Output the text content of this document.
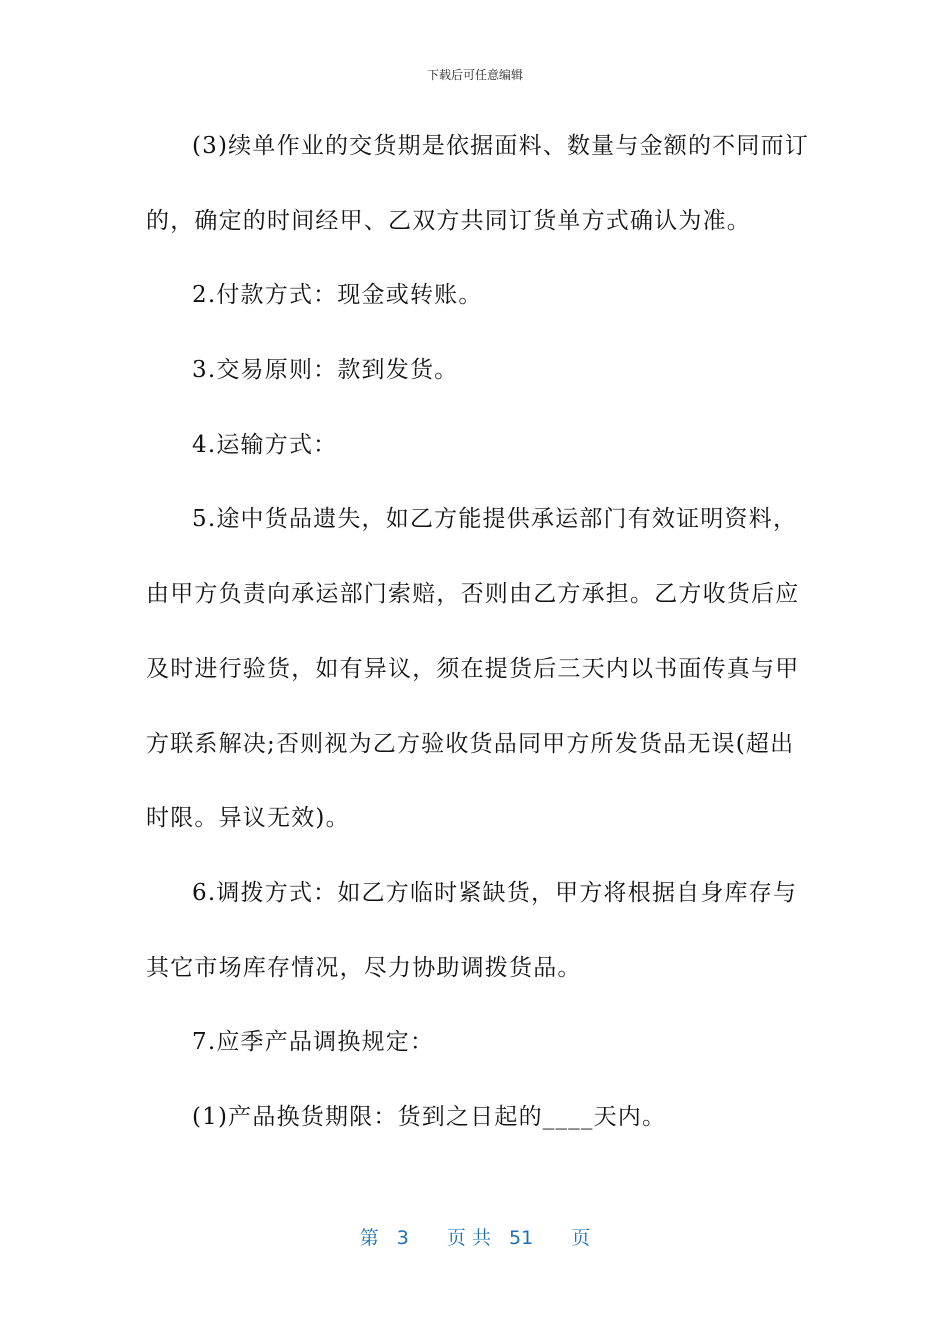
下载后可任意编辑
(3)续单作业的交货期是依据面料、数量与金额的不同而订
的，确定的时间经甲、乙双方共同订货单方式确认为准。
2.付款方式：现金或转账。
3.交易原则：款到发货。
4.运输方式：
5.途中货品遗失，如乙方能提供承运部门有效证明资料，
由甲方负责向承运部门索赔，否则由乙方承担。乙方收货后应
及时进行验货，如有异议，须在提货后三天内以书面传真与甲
方联系解决;否则视为乙方验收货品同甲方所发货品无误(超出
时限。异议无效)。
6.调拨方式：如乙方临时紧缺货，甲方将根据自身库存与
其它市场库存情况，尽力协助调拨货品。
7.应季产品调换规定：
(1)产品换货期限：货到之日起的____天内。
第 3 页 共 51 页
